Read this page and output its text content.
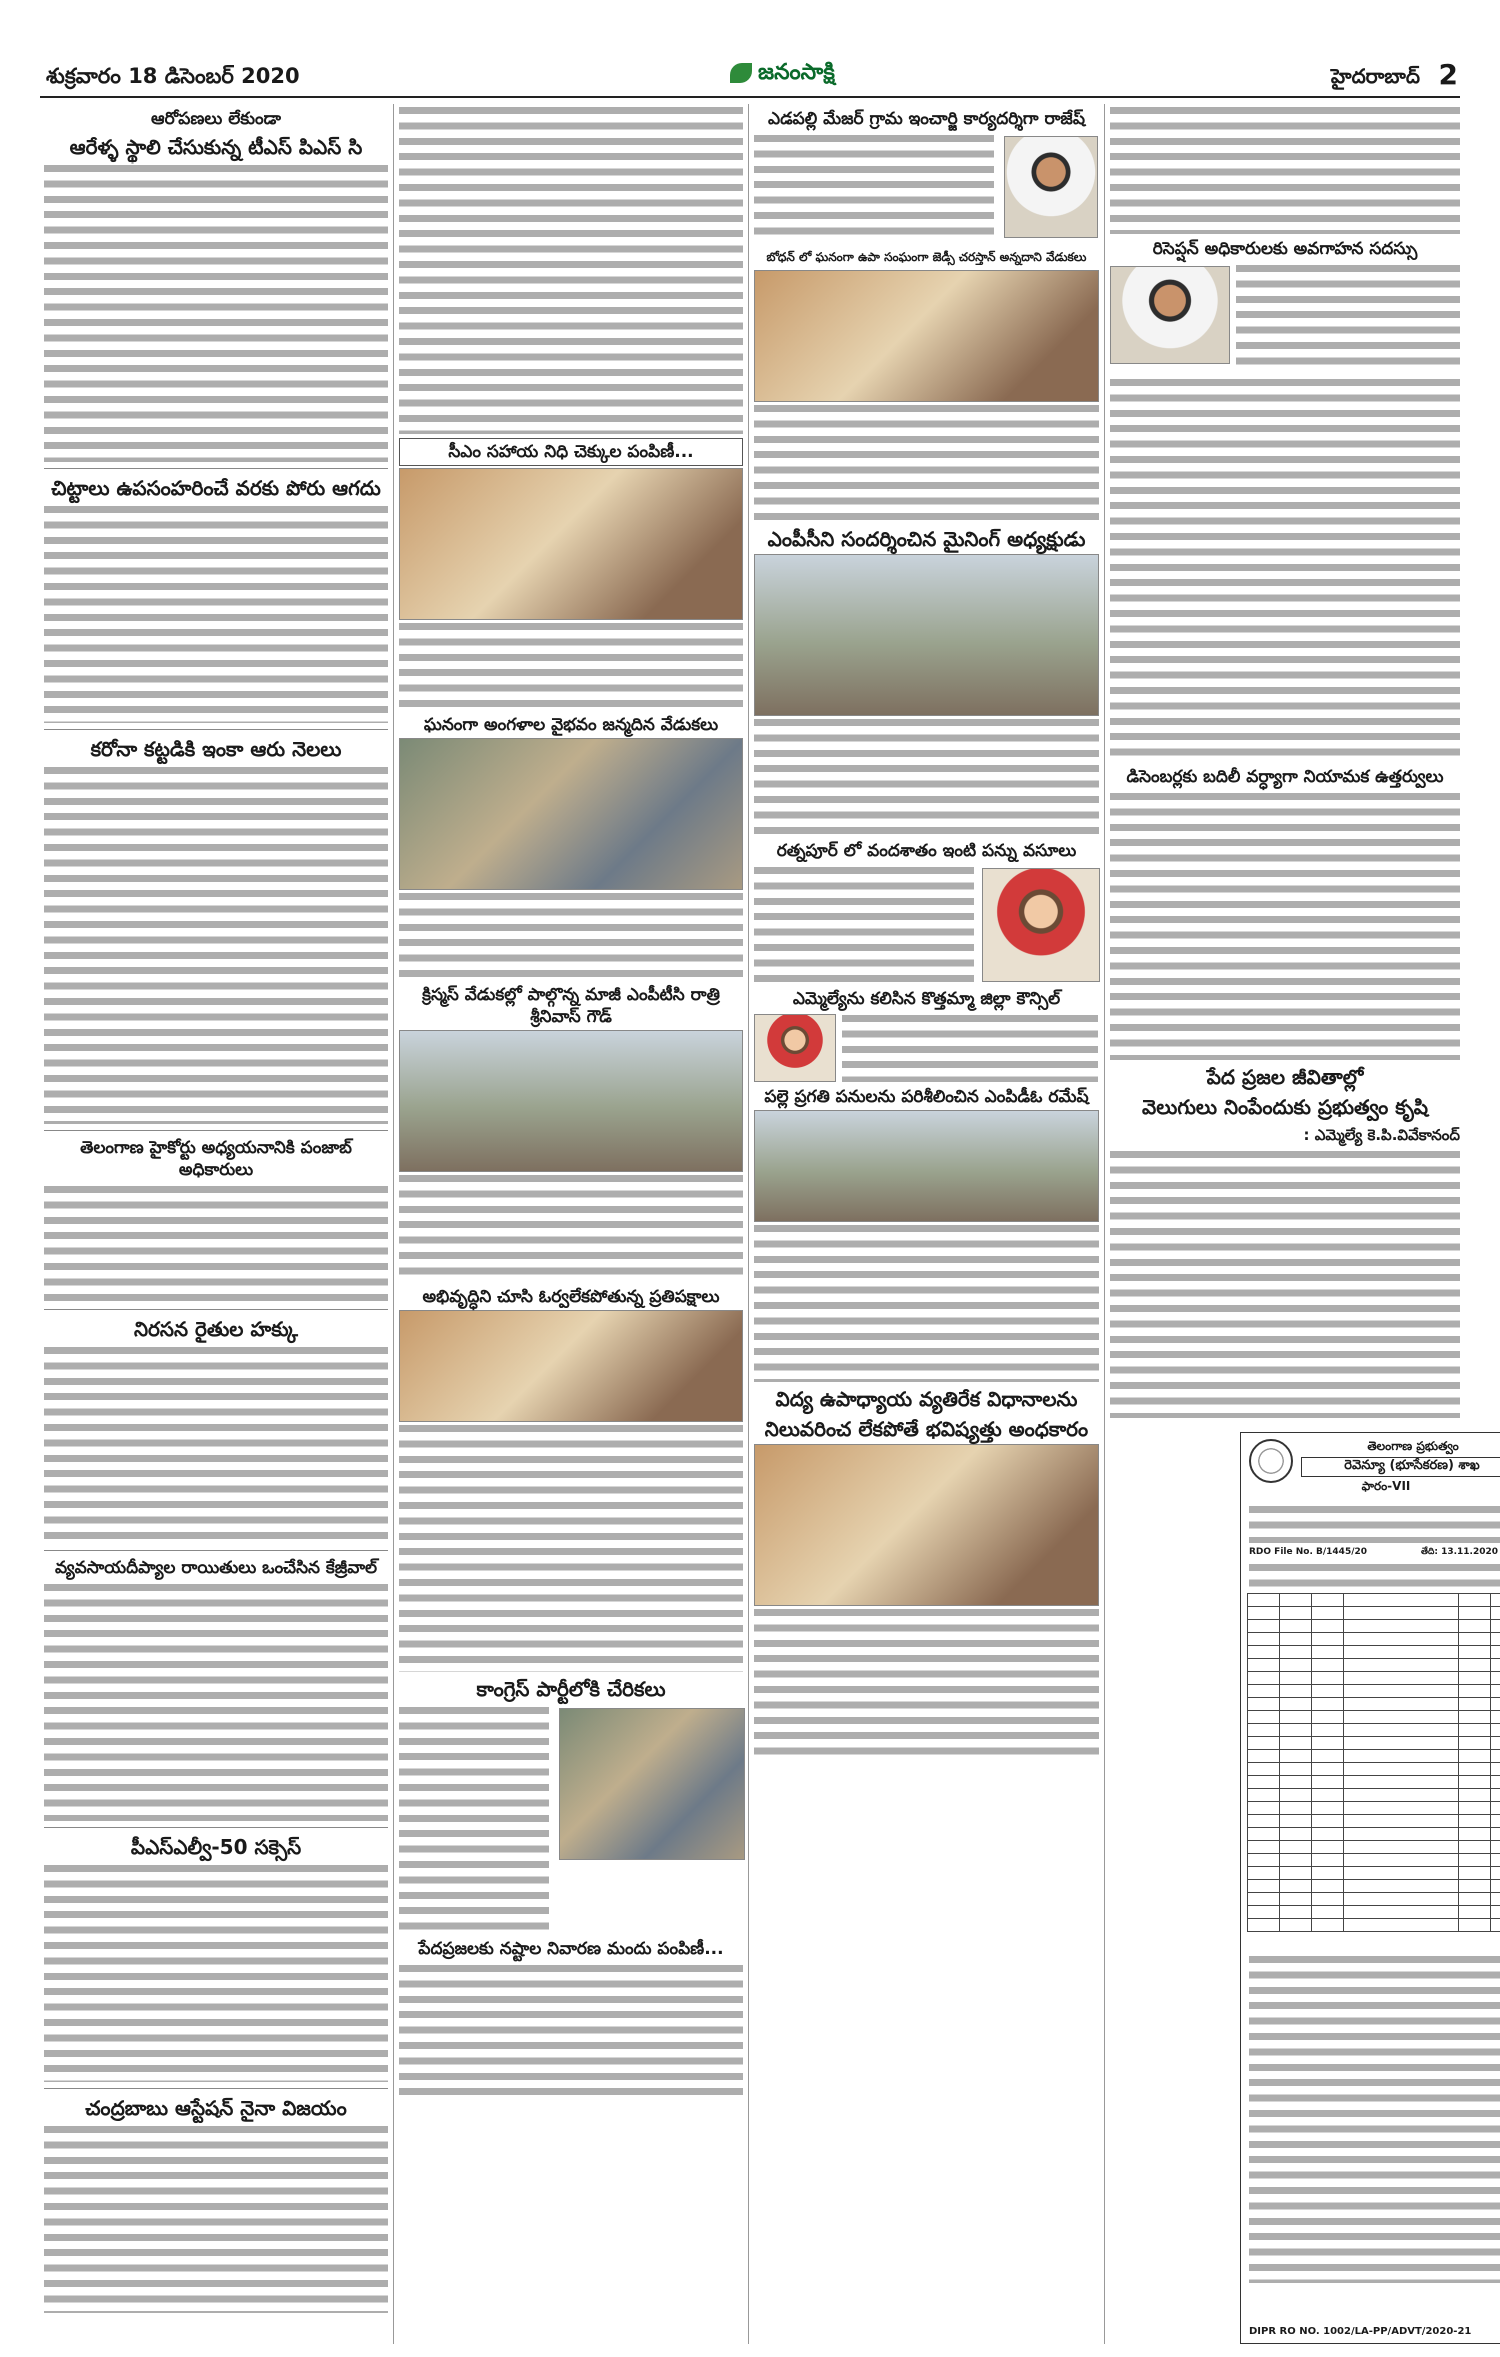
శుక్రవారం 18 డిసెంబర్ 2020	జనంసాక్షి	హైదరాబాద్ 2
ఆరోపణలు లేకుండా
ఆరేళ్ళ స్థాలి చేసుకున్న టీఎస్ పిఎస్ సి
చిట్టాలు ఉపసంహరించే వరకు పోరు ఆగదు
కరోనా కట్టడికి ఇంకా ఆరు నెలలు
తెలంగాణ హైకోర్టు అధ్యయనానికి పంజాబ్ అధికారులు
నిరసన రైతుల హక్కు
వ్యవసాయదీప్యాల రాయితులు ఒంచేసిన కేజ్రీవాల్
పీఎస్ఎల్వీ-50 సక్సెస్
చంద్రబాబు ఆస్టేషన్ నైనా విజయం
సీఎం సహాయ నిధి చెక్కుల పంపిణీ...
ఘనంగా అంగళాల వైభవం జన్మదిన వేడుకలు
క్రిస్మస్ వేడుకల్లో పాల్గొన్న మాజీ ఎంపీటీసి రాత్రి శ్రీనివాస్ గౌడ్
అభివృద్ధిని చూసి ఓర్వలేకపోతున్న ప్రతిపక్షాలు
కాంగ్రెస్ పార్టీలోకి చేరికలు
పేదప్రజలకు నష్టాల నివారణ మందు పంపిణీ...
ఎడపల్లి మేజర్ గ్రామ ఇంచార్జి కార్యదర్శిగా రాజేష్
బోధన్ లో ఘనంగా ఉపా సంఘంగా జెడ్సీ చరస్తాన్ అన్నదాని వేడుకలు
ఎంపీసీని సందర్శించిన మైనింగ్ అధ్యక్షుడు
రత్నపూర్ లో వందశాతం ఇంటి పన్ను వసూలు
ఎమ్మెల్యేను కలిసిన కొత్తమ్మా జిల్లా కౌన్సిల్
పల్లె ప్రగతి పనులను పరిశీలించిన ఎంపిడీఓ రమేష్
విద్య ఉపాధ్యాయ వ్యతిరేక విధానాలను
నిలువరించ లేకపోతే భవిష్యత్తు అంధకారం
రిసెప్షన్ అధికారులకు అవగాహన సదస్సు
డిసెంబర్లకు బదిలీ వర్ధ్యాగా నియామక ఉత్తర్వులు
పేద ప్రజల జీవితాల్లో
వెలుగులు నింపేందుకు ప్రభుత్వం కృషి
: ఎమ్మెల్యే కె.పి.వివేకానంద్
తెలంగాణ ప్రభుత్వం
రెవెన్యూ (భూసేకరణ) శాఖ
ఫారం-VII
RDO File No. B/1445/20	తేది: 13.11.2020

DIPR RO NO. 1002/LA-PP/ADVT/2020-21
